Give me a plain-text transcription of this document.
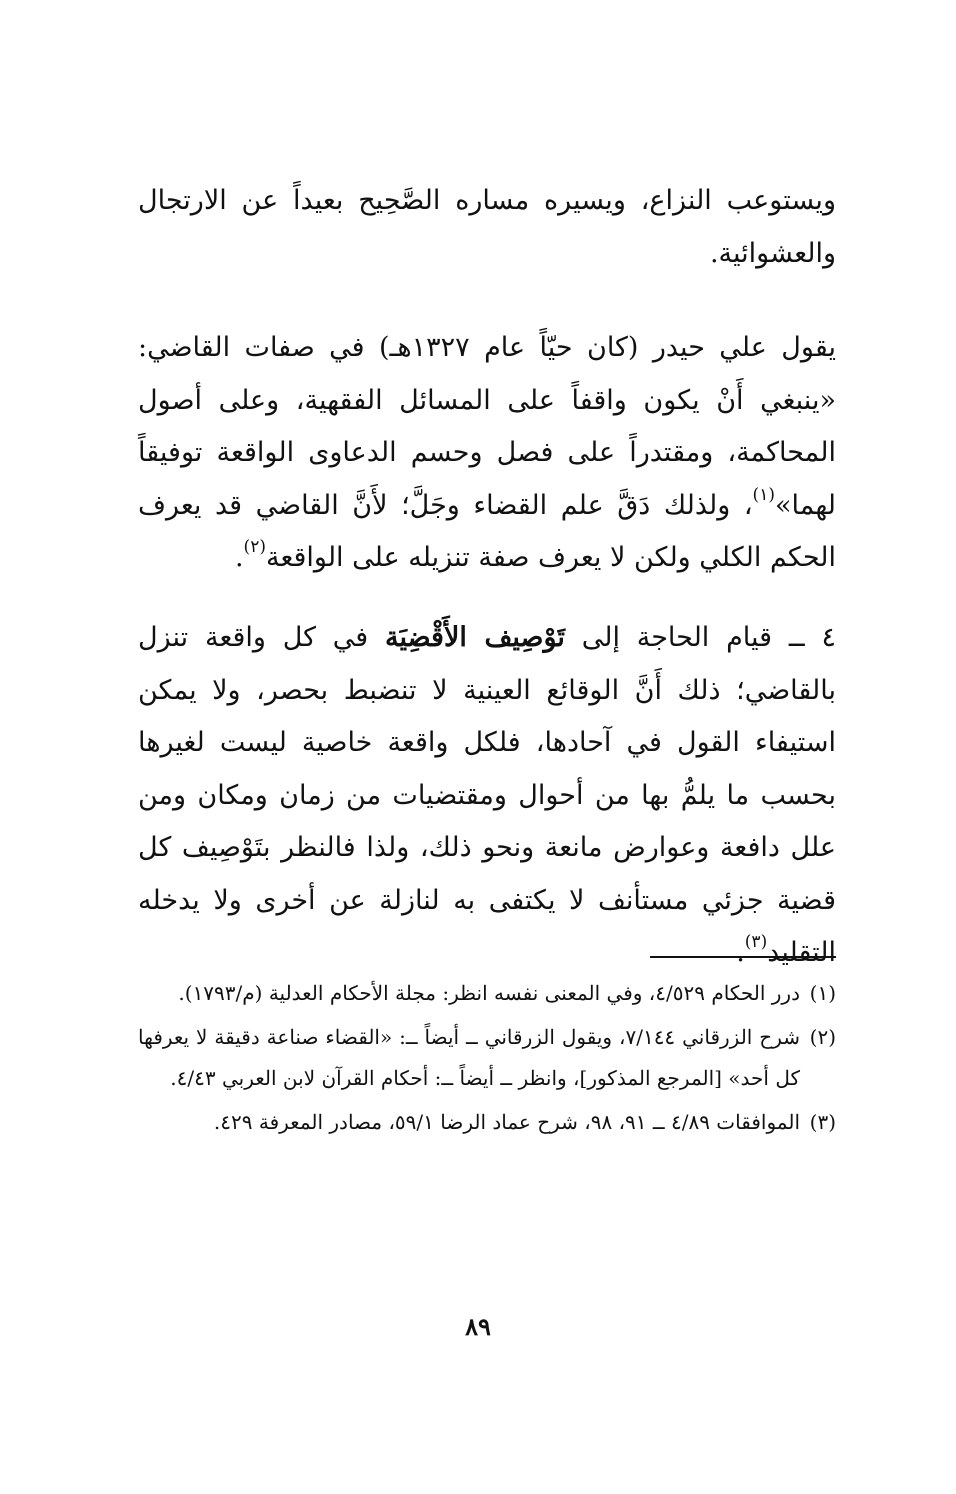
ويستوعب النزاع، ويسيره مساره الصَّحِيح بعيداً عن الارتجال والعشوائية.

يقول علي حيدر (كان حيّاً عام ١٣٢٧هـ) في صفات القاضي: «ينبغي أَنْ يكون واقفاً على المسائل الفقهية، وعلى أصول المحاكمة، ومقتدراً على فصل وحسم الدعاوى الواقعة توفيقاً لهما»$^{(١)}$، ولذلك دَقَّ علم القضاء وجَلَّ؛ لأَنَّ القاضي قد يعرف الحكم الكلي ولكن لا يعرف صفة تنزيله على الواقعة$^{(٢)}$.

٤ ــ قيام الحاجة إلى تَوْصِيف الأَقْضِيَة في كل واقعة تنزل بالقاضي؛ ذلك أَنَّ الوقائع العينية لا تنضبط بحصر، ولا يمكن استيفاء القول في آحادها، فلكل واقعة خاصية ليست لغيرها بحسب ما يلمُّ بها من أحوال ومقتضيات من زمان ومكان ومن علل دافعة وعوارض مانعة ونحو ذلك، ولذا فالنظر بتَوْصِيف كل قضية جزئي مستأنف لا يكتفى به لنازلة عن أخرى ولا يدخله التقليد$^{(٣)}$.

(١)
درر الحكام ٤/٥٢٩، وفي المعنى نفسه انظر: مجلة الأحكام العدلية (م/١٧٩٣).
(٢)
شرح الزرقاني ٧/١٤٤، ويقول الزرقاني ــ أيضاً ــ: «القضاء صناعة دقيقة لا يعرفها كل أحد» [المرجع المذكور]، وانظر ــ أيضاً ــ: أحكام القرآن لابن العربي ٤/٤٣.
(٣)
الموافقات ٤/٨٩ ــ ٩١، ٩٨، شرح عماد الرضا ٥٩/١، مصادر المعرفة ٤٢٩.
٨٩
